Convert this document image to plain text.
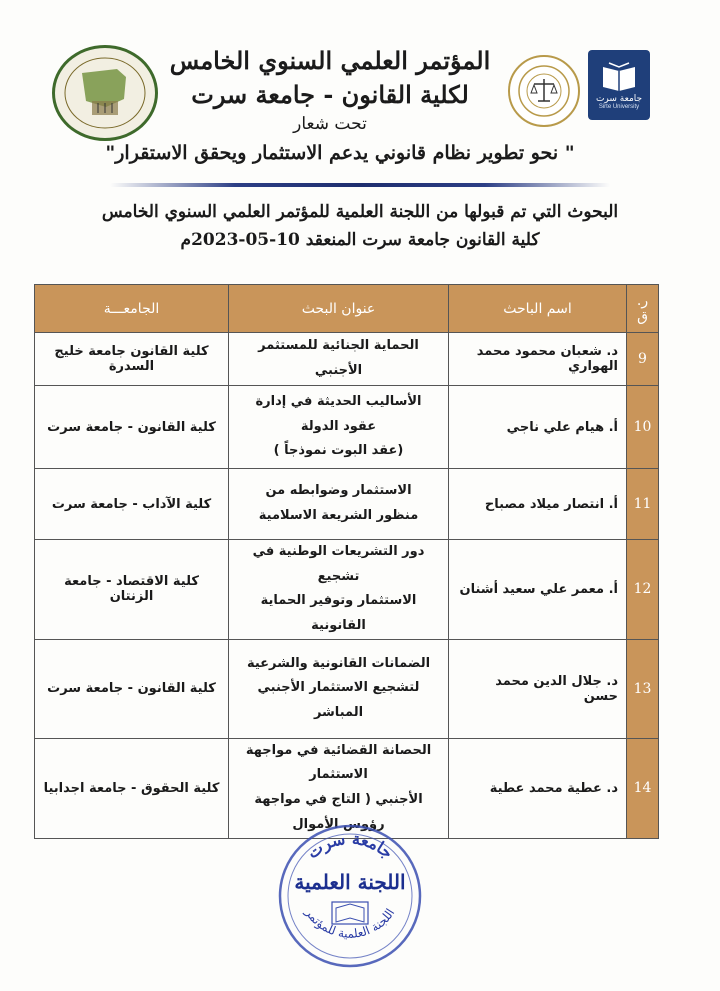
جامعة سرت
Sirte University
المؤتمر العلمي السنوي الخامس
لكلية القانون - جامعة سرت
تحت شعار
" نحو تطوير نظام قانوني يدعم الاستثمار ويحقق الاستقرار"
البحوث التي تم قبولها من اللجنة العلمية للمؤتمر العلمي السنوي الخامس
كلية القانون جامعة سرت المنعقد 10-05-2023م
ر. ق	اسم الباحث	عنوان البحث	الجامعـــة
9	د. شعبان محمود محمد الهواري	الحماية الجنائية للمستثمر الأجنبي	كلية القانون جامعة خليج السدرة
10	أ. هيام علي ناجي	الأساليب الحديثة في إدارة عقود الدولة
(عقد البوت نموذجاً )	كلية القانون - جامعة سرت
11	أ. انتصار ميلاد مصباح	الاستثمار وضوابطه من
منظور الشريعة الاسلامية	كلية الآداب - جامعة سرت
12	أ. معمر علي سعيد أشنان	دور التشريعات الوطنية في تشجيع
الاستثمار وتوفير الحماية القانونية	كلية الاقتصاد - جامعة الزنتان
13	د. جلال الدين محمد حسن	الضمانات القانونية والشرعية
لتشجيع الاستثمار الأجنبي المباشر	كلية القانون - جامعة سرت
14	د. عطية محمد عطية	الحصانة القضائية في مواجهة الاستثمار
الأجنبي ( التاج في مواجهة رؤوس الأموال	كلية الحقوق - جامعة اجدابيا
جامعة سرت
اللجنة العلمية للمؤتمر
اللجنة العلمية
